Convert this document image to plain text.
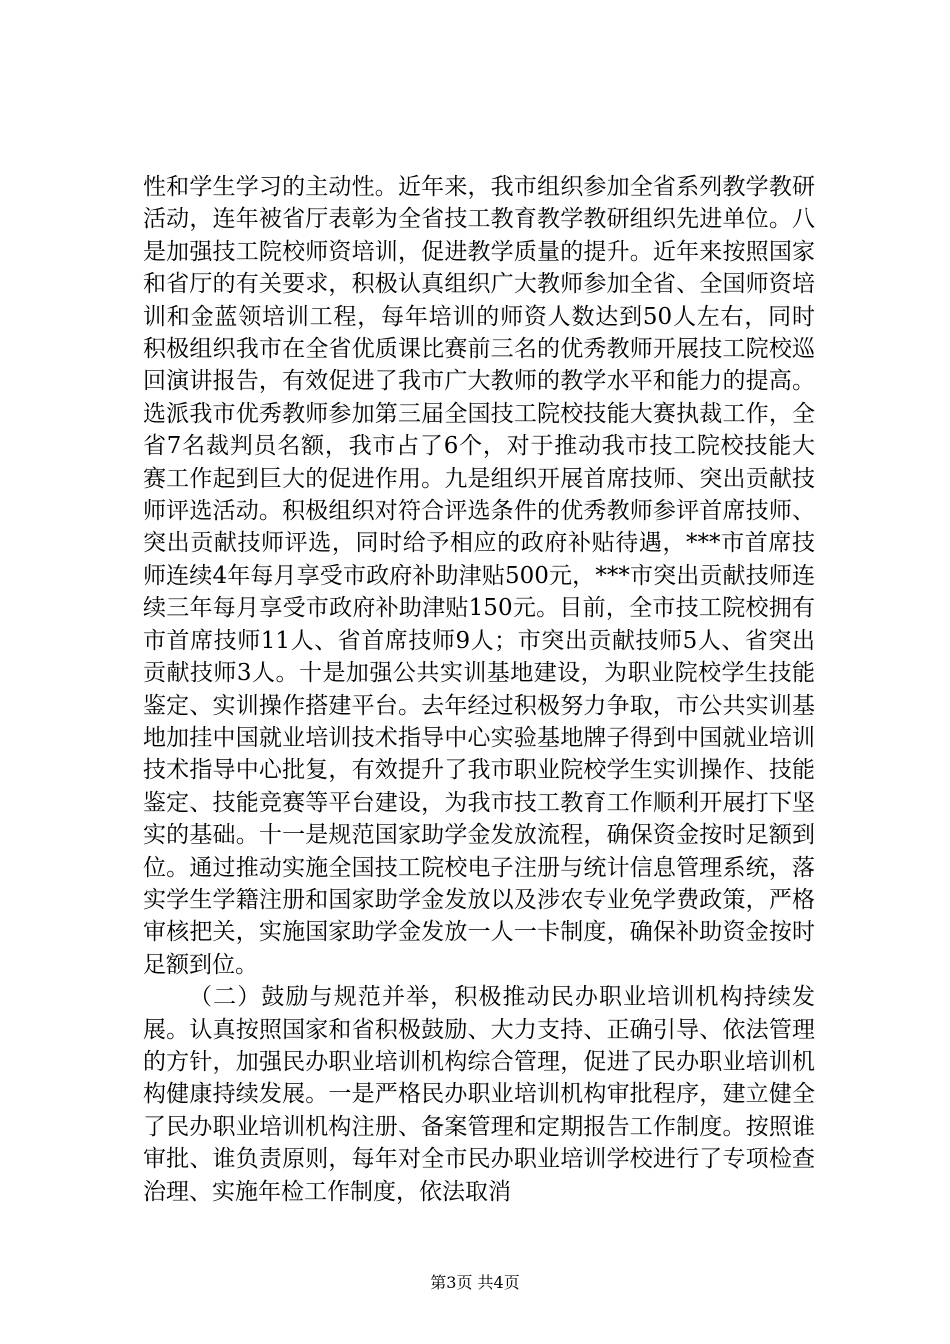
性和学生学习的主动性。近年来，我市组织参加全省系列教学教研活动，连年被省厅表彰为全省技工教育教学教研组织先进单位。八是加强技工院校师资培训，促进教学质量的提升。近年来按照国家和省厅的有关要求，积极认真组织广大教师参加全省、全国师资培训和金蓝领培训工程，每年培训的师资人数达到50人左右，同时积极组织我市在全省优质课比赛前三名的优秀教师开展技工院校巡回演讲报告，有效促进了我市广大教师的教学水平和能力的提高。选派我市优秀教师参加第三届全国技工院校技能大赛执裁工作，全省7名裁判员名额，我市占了6个，对于推动我市技工院校技能大赛工作起到巨大的促进作用。九是组织开展首席技师、突出贡献技师评选活动。积极组织对符合评选条件的优秀教师参评首席技师、突出贡献技师评选，同时给予相应的政府补贴待遇，***市首席技师连续4年每月享受市政府补助津贴500元，***市突出贡献技师连续三年每月享受市政府补助津贴150元。目前，全市技工院校拥有市首席技师11人、省首席技师9人；市突出贡献技师5人、省突出贡献技师3人。十是加强公共实训基地建设，为职业院校学生技能鉴定、实训操作搭建平台。去年经过积极努力争取，市公共实训基地加挂中国就业培训技术指导中心实验基地牌子得到中国就业培训技术指导中心批复，有效提升了我市职业院校学生实训操作、技能鉴定、技能竞赛等平台建设，为我市技工教育工作顺利开展打下坚实的基础。十一是规范国家助学金发放流程，确保资金按时足额到位。通过推动实施全国技工院校电子注册与统计信息管理系统，落实学生学籍注册和国家助学金发放以及涉农专业免学费政策，严格审核把关，实施国家助学金发放一人一卡制度，确保补助资金按时足额到位。

（二）鼓励与规范并举，积极推动民办职业培训机构持续发展。认真按照国家和省积极鼓励、大力支持、正确引导、依法管理的方针，加强民办职业培训机构综合管理，促进了民办职业培训机构健康持续发展。一是严格民办职业培训机构审批程序，建立健全了民办职业培训机构注册、备案管理和定期报告工作制度。按照谁审批、谁负责原则，每年对全市民办职业培训学校进行了专项检查治理、实施年检工作制度，依法取消

第3页 共4页
